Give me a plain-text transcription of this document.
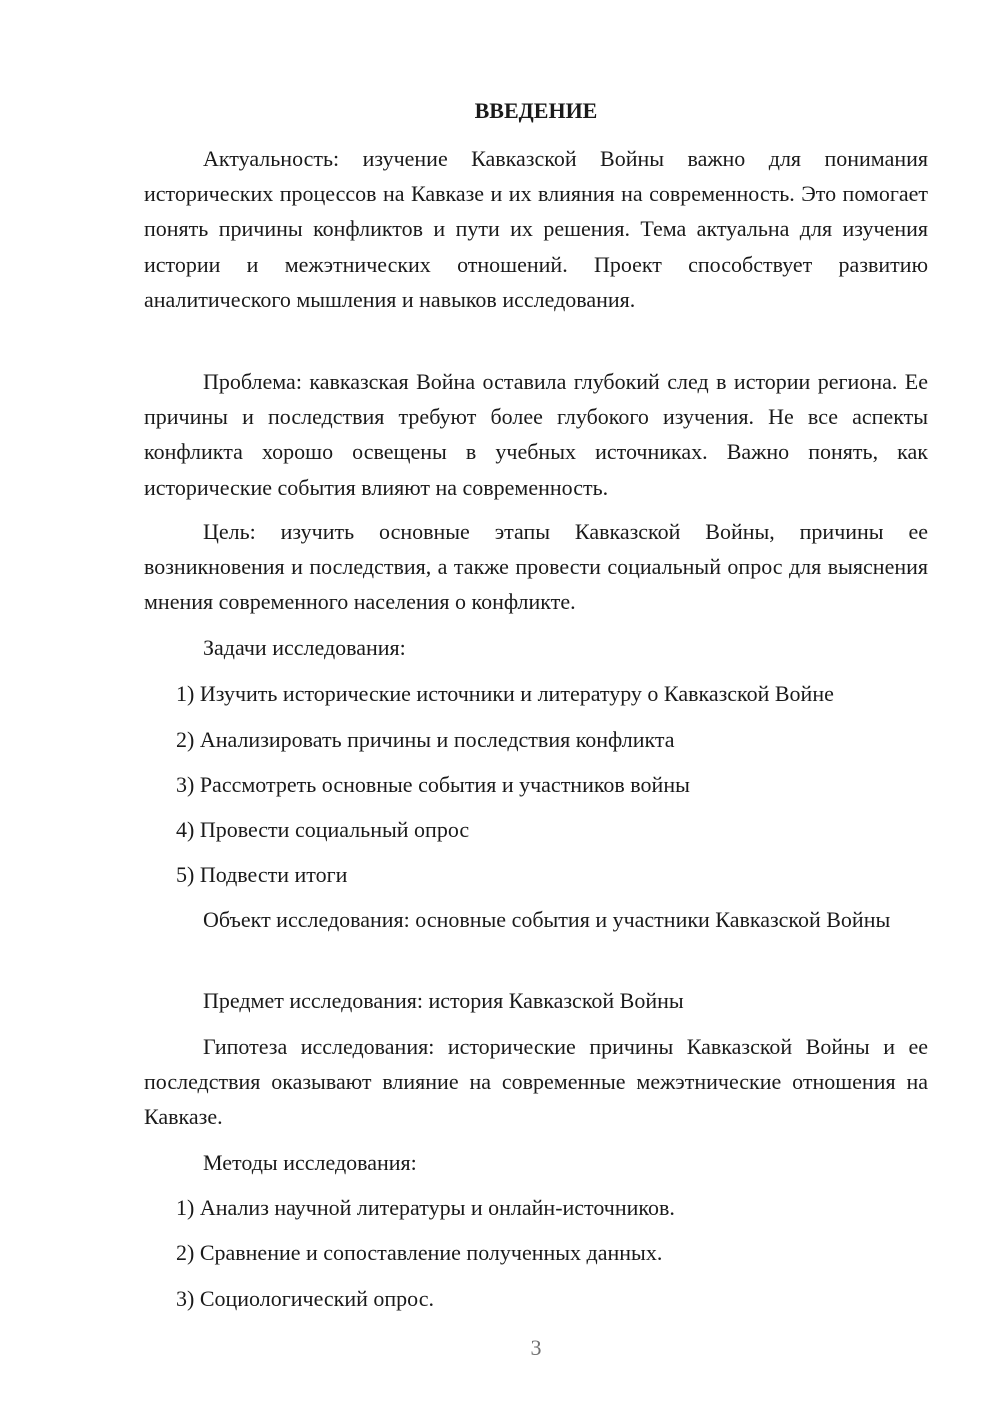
ВВЕДЕНИЕ

Актуальность: изучение Кавказской Войны важно для понимания исторических процессов на Кавказе и их влияния на современность. Это помогает понять причины конфликтов и пути их решения. Тема актуальна для изучения истории и межэтнических отношений. Проект способствует развитию аналитического мышления и навыков исследования.

Проблема: кавказская Война оставила глубокий след в истории региона. Ее причины и последствия требуют более глубокого изучения. Не все аспекты конфликта хорошо освещены в учебных источниках. Важно понять, как исторические события влияют на современность.

Цель: изучить основные этапы Кавказской Войны, причины ее возникновения и последствия, а также провести социальный опрос для выяснения мнения современного населения о конфликте.

Задачи исследования:

1) Изучить исторические источники и литературу о Кавказской Войне

2) Анализировать причины и последствия конфликта

3) Рассмотреть основные события и участников войны

4) Провести социальный опрос

5) Подвести итоги

Объект исследования: основные события и участники Кавказской Войны

Предмет исследования: история Кавказской Войны

Гипотеза исследования: исторические причины Кавказской Войны и ее последствия оказывают влияние на современные межэтнические отношения на Кавказе.

Методы исследования:

1) Анализ научной литературы и онлайн-источников.

2) Сравнение и сопоставление полученных данных.

3) Социологический опрос.

3
